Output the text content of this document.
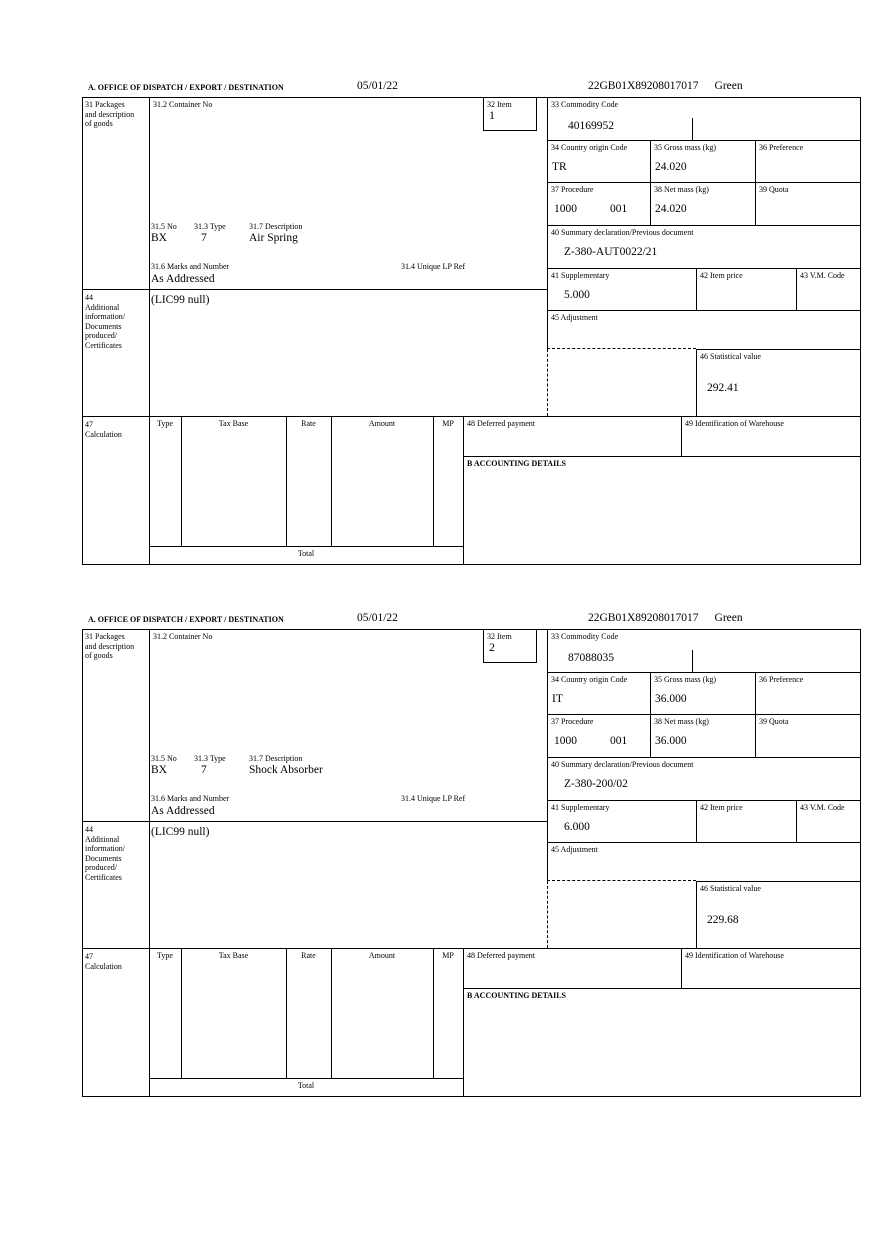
A. OFFICE OF DISPATCH / EXPORT / DESTINATION	05/01/22	22GB01X89208017017 Green
31 Packages and description of goods
44
Additional information/ Documents produced/ Certificates
47
Calculation
31.2 Container No	32 Item
1
33 Commodity Code
40169952
34 Country origin Code
TR
35 Gross mass (kg)
24.020
36 Preference
37 Procedure
1000	001
38 Net mass (kg)
24.020
39 Quota
40 Summary declaration/Previous document
Z-380-AUT0022/21
41 Supplementary
5.000
42 Item price	43 V.M. Code
45 Adjustment
46 Statistical value
292.41
31.5 No 31.3 Type	31.7 Description
BX	7	Air Spring
31.6 Marks and Number	31.4 Unique LP Ref
As Addressed
(LIC99 null)
Type	Tax Base	Rate	Amount	MP
Total
48 Deferred payment	49 Identification of Warehouse
B ACCOUNTING DETAILS
A. OFFICE OF DISPATCH / EXPORT / DESTINATION	05/01/22	22GB01X89208017017 Green
31 Packages and description of goods
44
Additional information/ Documents produced/ Certificates
47
Calculation
31.2 Container No	32 Item
2
33 Commodity Code
87088035
34 Country origin Code
IT
35 Gross mass (kg)
36.000
36 Preference
37 Procedure
1000	001
38 Net mass (kg)
36.000
39 Quota
40 Summary declaration/Previous document
Z-380-200/02
41 Supplementary
6.000
42 Item price	43 V.M. Code
45 Adjustment
46 Statistical value
229.68
31.5 No 31.3 Type	31.7 Description
BX	7	Shock Absorber
31.6 Marks and Number	31.4 Unique LP Ref
As Addressed
(LIC99 null)
Type	Tax Base	Rate	Amount	MP
Total
48 Deferred payment	49 Identification of Warehouse
B ACCOUNTING DETAILS
